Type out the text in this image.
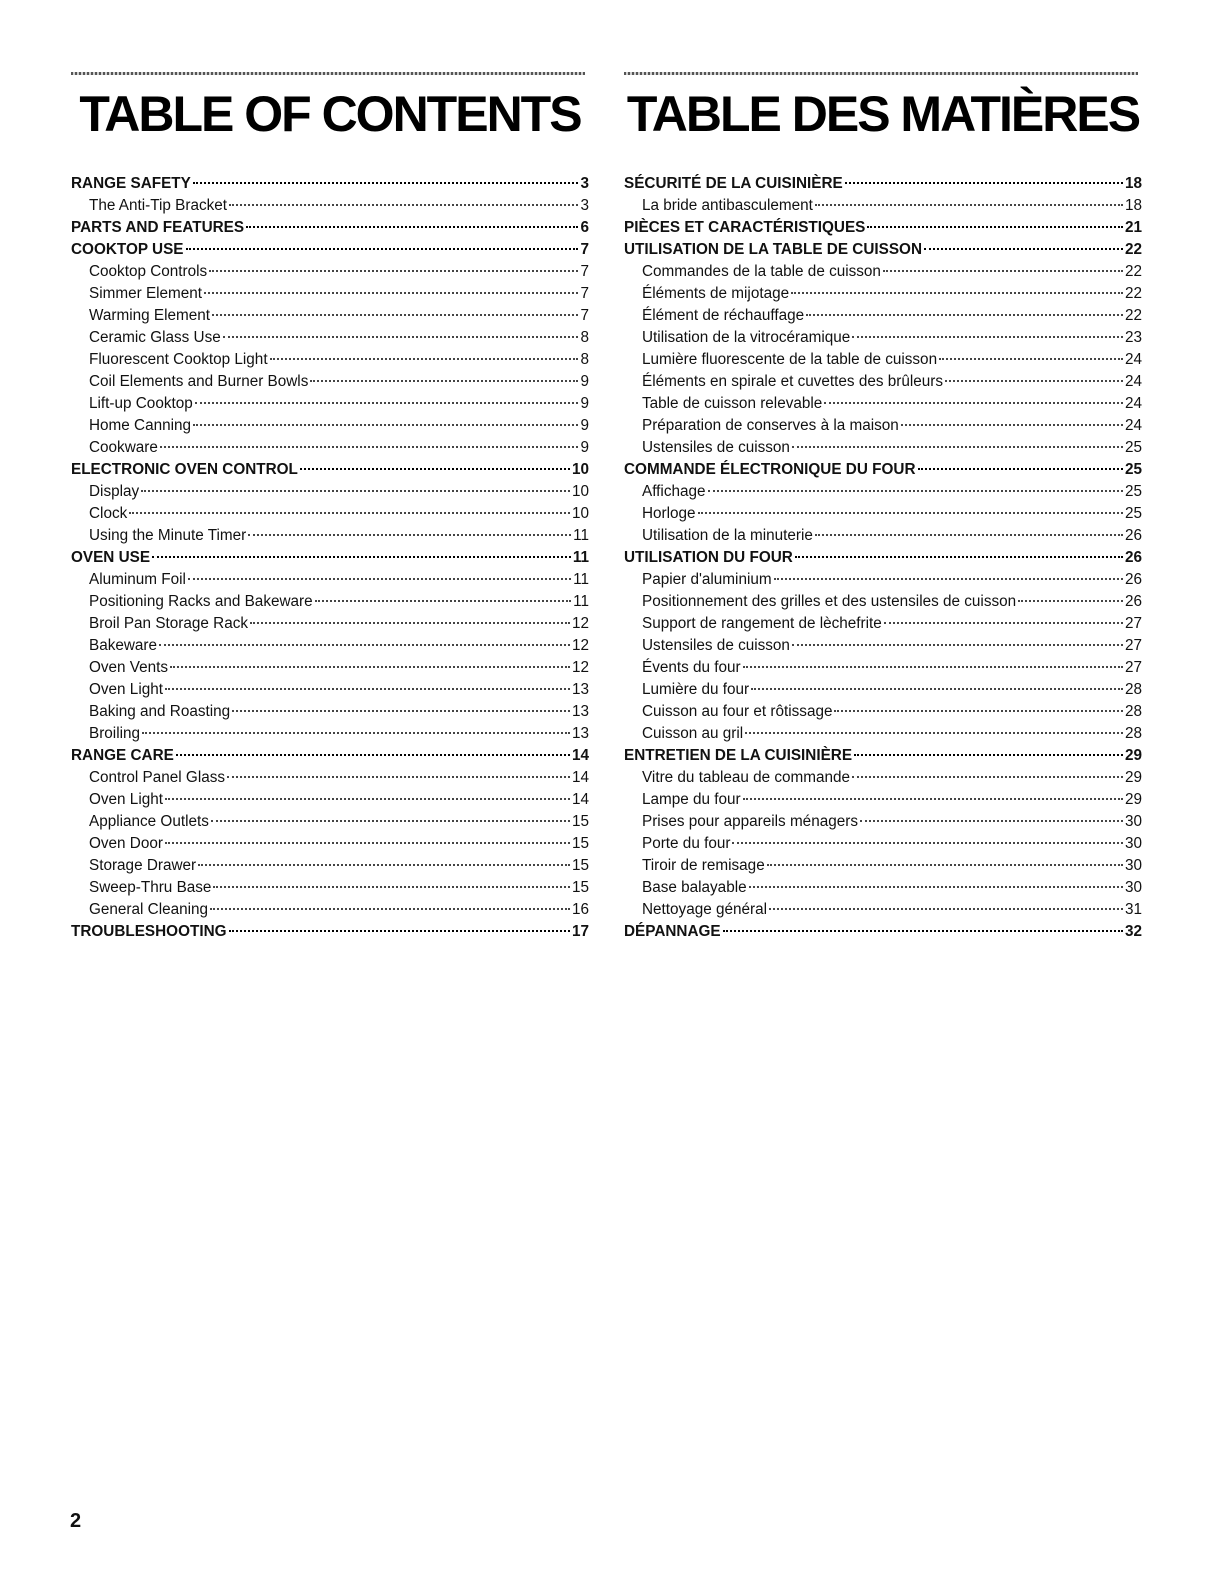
TABLE OF CONTENTS
RANGE SAFETY	3
The Anti-Tip Bracket	3
PARTS AND FEATURES	6
COOKTOP USE	7
Cooktop Controls	7
Simmer Element	7
Warming Element	7
Ceramic Glass Use	8
Fluorescent Cooktop Light	8
Coil Elements and Burner Bowls	9
Lift-up Cooktop	9
Home Canning	9
Cookware	9
ELECTRONIC OVEN CONTROL	10
Display	10
Clock	10
Using the Minute Timer	11
OVEN USE	11
Aluminum Foil	11
Positioning Racks and Bakeware	11
Broil Pan Storage Rack	12
Bakeware	12
Oven Vents	12
Oven Light	13
Baking and Roasting	13
Broiling	13
RANGE CARE	14
Control Panel Glass	14
Oven Light	14
Appliance Outlets	15
Oven Door	15
Storage Drawer	15
Sweep-Thru Base	15
General Cleaning	16
TROUBLESHOOTING	17
TABLE DES MATIÈRES
SÉCURITÉ DE LA CUISINIÈRE	18
La bride antibasculement	18
PIÈCES ET CARACTÉRISTIQUES	21
UTILISATION DE LA TABLE DE CUISSON	22
Commandes de la table de cuisson	22
Éléments de mijotage	22
Élément de réchauffage	22
Utilisation de la vitrocéramique	23
Lumière fluorescente de la table de cuisson	24
Éléments en spirale et cuvettes des brûleurs	24
Table de cuisson relevable	24
Préparation de conserves à la maison	24
Ustensiles de cuisson	25
COMMANDE ÉLECTRONIQUE DU FOUR	25
Affichage	25
Horloge	25
Utilisation de la minuterie	26
UTILISATION DU FOUR	26
Papier d'aluminium	26
Positionnement des grilles et des ustensiles de cuisson	26
Support de rangement de lèchefrite	27
Ustensiles de cuisson	27
Évents du four	27
Lumière du four	28
Cuisson au four et rôtissage	28
Cuisson au gril	28
ENTRETIEN DE LA CUISINIÈRE	29
Vitre du tableau de commande	29
Lampe du four	29
Prises pour appareils ménagers	30
Porte du four	30
Tiroir de remisage	30
Base balayable	30
Nettoyage général	31
DÉPANNAGE	32
2
